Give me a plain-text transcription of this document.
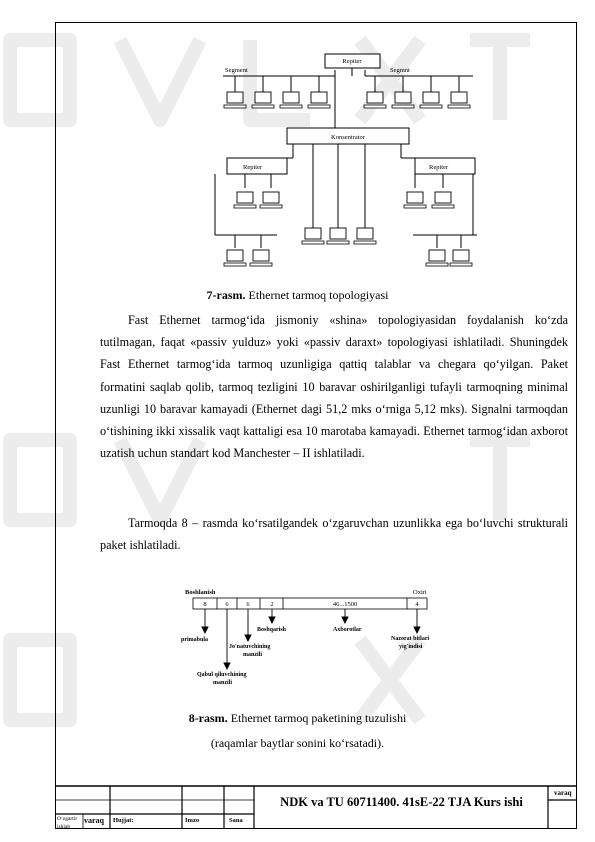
Repiter
Segment	Segmnt
Konsentrator
Repiter	Repiter
7-rasm. Ethernet tarmoq topologiyasi
Fast Ethernet tarmog‘ida jismoniy «shina» topologiyasidan foydalanish ko‘zda tutilmagan, faqat «passiv yulduz» yoki «passiv daraxt» topologiyasi ishlatiladi. Shuningdek Fast Ethernet tarmog‘ida tarmoq uzunligiga qattiq talablar va chegara qo‘yilgan. Paket formatini saqlab qolib, tarmoq tezligini 10 baravar oshirilganligi tufayli tarmoqning minimal uzunligi 10 baravar kamayadi (Ethernet dagi 51,2 mks o‘rniga 5,12 mks). Signalni tarmoqdan o‘tishining ikki xissalik vaqt kattaligi esa 10 marotaba kamayadi. Ethernet tarmog‘idan axborot uzatish uchun standart kod Manchester – II ishlatiladi.
Tarmoqda 8 – rasmda ko‘rsatilgandek o‘zgaruvchan uzunlikka ega bo‘luvchi strukturali paket ishlatiladi.
Boshlanish	Oxiri
8	6	6	2	46...1500	4
primabula
Jo'natuvchining
manzili
Qabul qiluvchining
manzili
Boshqarish	Axborotlar
Nazorat bitlari
yig'indisi
8-rasm. Ethernet tarmoq paketining tuzulishi
(raqamlar baytlar sonini ko‘rsatadi).
NDK va TU 60711400. 41sE-22 TJA Kurs ishi
varaq
O‘zgartir
ishlab
varaq Hujjat:	Imzo	Sana
